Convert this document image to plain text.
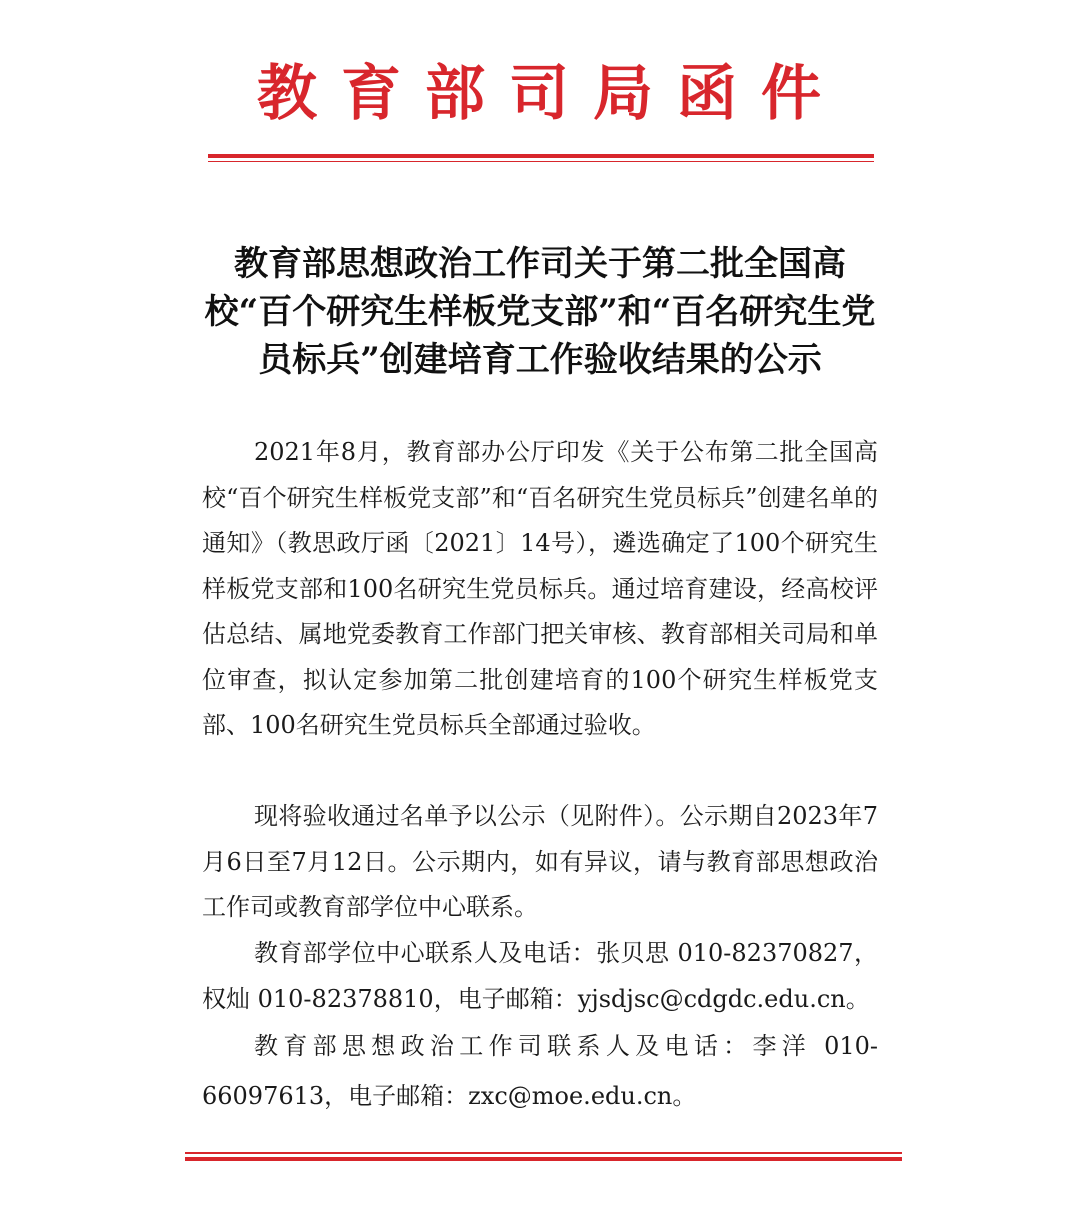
教育部司局函件
教育部思想政治工作司关于第二批全国高校“百个研究生样板党支部”和“百名研究生党员标兵”创建培育工作验收结果的公示

2021年8月，教育部办公厅印发《关于公布第二批全国高校“百个研究生样板党支部”和“百名研究生党员标兵”创建名单的通知》（教思政厅函〔2021〕14号），遴选确定了100个研究生样板党支部和100名研究生党员标兵。通过培育建设，经高校评估总结、属地党委教育工作部门把关审核、教育部相关司局和单位审查，拟认定参加第二批创建培育的100个研究生样板党支部、100名研究生党员标兵全部通过验收。

现将验收通过名单予以公示（见附件）。公示期自2023年7月6日至7月12日。公示期内，如有异议，请与教育部思想政治工作司或教育部学位中心联系。

教育部学位中心联系人及电话：张贝思 010-82370827，权灿 010-82378810，电子邮箱：yjsdjsc@cdgdc.edu.cn。

教育部思想政治工作司联系人及电话：李洋 010-66097613，电子邮箱：zxc@moe.edu.cn。
